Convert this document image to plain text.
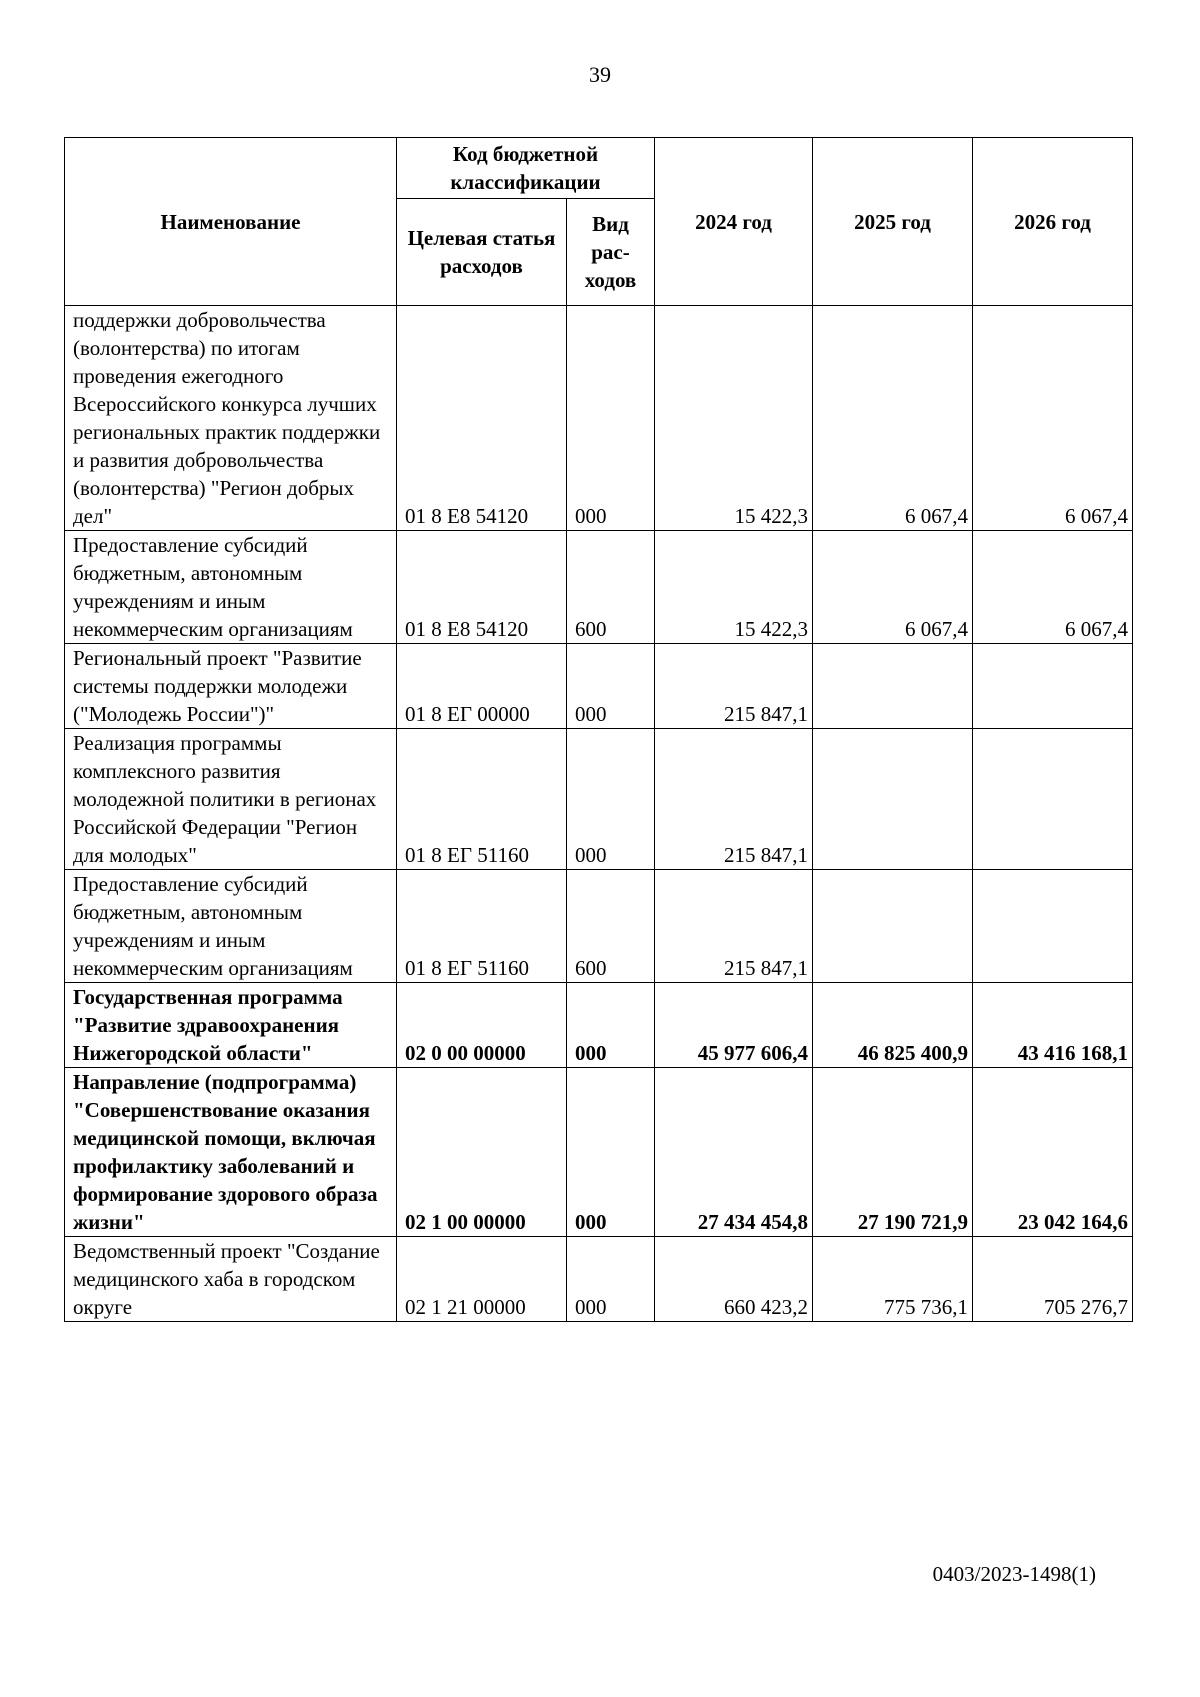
39
Наименование	Код бюджетной классификации		2024 год	2025 год	2026 год
	Целевая статья расходов	Вид рас-ходов			
поддержки добровольчества (волонтерства) по итогам проведения ежегодного Всероссийского конкурса лучших региональных практик поддержки и развития добровольчества (волонтерства) "Регион добрых дел"	01 8 Е8 54120	000	15 422,3	6 067,4	6 067,4
Предоставление субсидий бюджетным, автономным учреждениям и иным некоммерческим организациям	01 8 Е8 54120	600	15 422,3	6 067,4	6 067,4
Региональный проект "Развитие системы поддержки молодежи ("Молодежь России")"	01 8 ЕГ 00000	000	215 847,1		
Реализация программы комплексного развития молодежной политики в регионах Российской Федерации "Регион для молодых"	01 8 ЕГ 51160	000	215 847,1		
Предоставление субсидий бюджетным, автономным учреждениям и иным некоммерческим организациям	01 8 ЕГ 51160	600	215 847,1		
Государственная программа "Развитие здравоохранения Нижегородской области"	02 0 00 00000	000	45 977 606,4	46 825 400,9	43 416 168,1
Направление (подпрограмма) "Совершенствование оказания медицинской помощи, включая профилактику заболеваний и формирование здорового образа жизни"	02 1 00 00000	000	27 434 454,8	27 190 721,9	23 042 164,6
Ведомственный проект "Создание медицинского хаба в городском округе	02 1 21 00000	000	660 423,2	775 736,1	705 276,7
0403/2023-1498(1)
